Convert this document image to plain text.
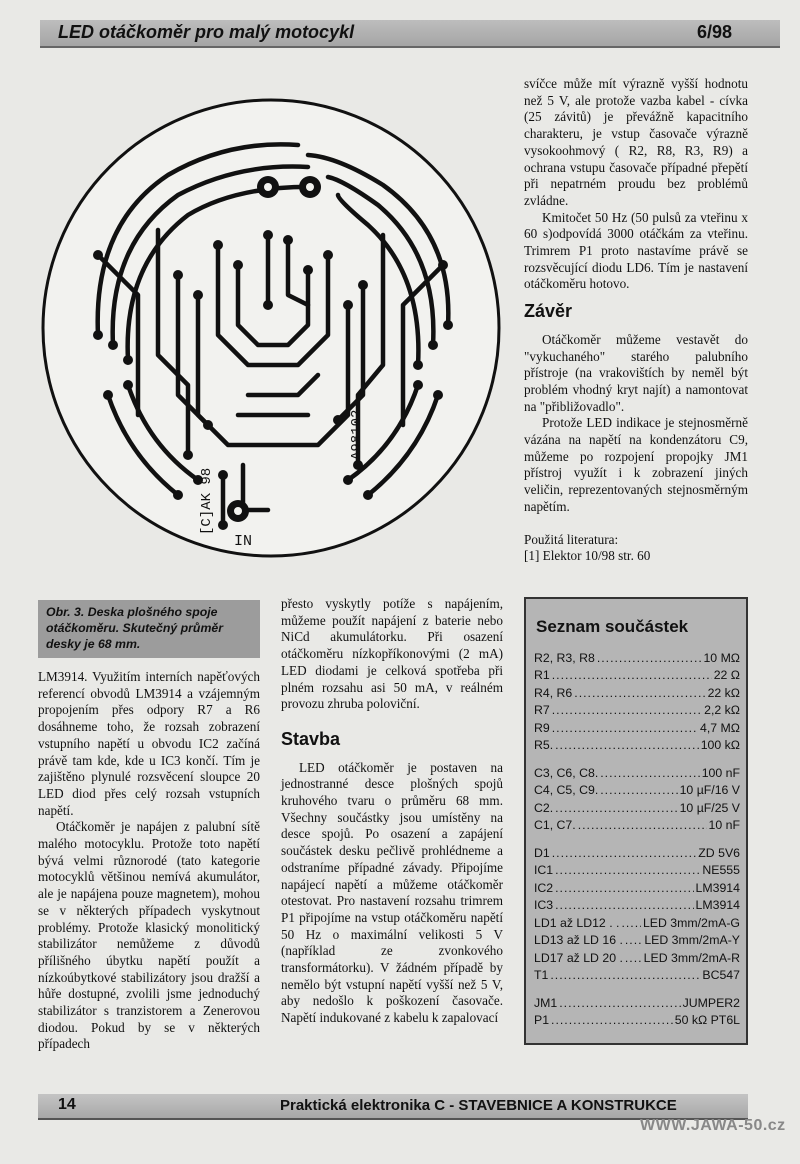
LED otáčkoměr pro malý motocykl	6/98
A98102
[C]AK 98
IN
Obr. 3. Deska plošného spoje otáčkoměru. Skutečný průměr desky je 68 mm.

LM3914. Využitím interních napěťových referencí obvodů LM3914 a vzájemným propojením přes odpory R7 a R6 dosáhneme toho, že rozsah zobrazení vstupního napětí u obvodu IC2 začíná právě tam kde, kde u IC3 končí. Tím je zajištěno plynulé rozsvěcení sloupce 20 LED diod přes celý rozsah vstupních napětí.

Otáčkoměr je napájen z palubní sítě malého motocyklu. Protože toto napětí bývá velmi různorodé (tato kategorie motocyklů většinou nemívá akumulátor, ale je napájena pouze magnetem), mohou se v některých případech vyskytnout problémy. Protože klasický monolitický stabilizátor nemůžeme z důvodů přílišného úbytku napětí použít a nízkoúbytkové stabilizátory jsou dražší a hůře dostupné, zvolili jsme jednoduchý stabilizátor s tranzistorem a Zenerovou diodou. Pokud by se v některých případech

přesto vyskytly potíže s napájením, můžeme použít napájení z baterie nebo NiCd akumulátorku. Při osazení otáčkoměru nízkopříkonovými (2 mA) LED diodami je celková spotřeba při plném rozsahu asi 50 mA, v reálném provozu zhruba poloviční.

Stavba

LED otáčkoměr je postaven na jednostranné desce plošných spojů kruhového tvaru o průměru 68 mm. Všechny součástky jsou umístěny na desce spojů. Po osazení a zapájení součástek desku pečlivě prohlédneme a odstraníme případné závady. Připojíme napájecí napětí a můžeme otáčkoměr otestovat. Pro nastavení rozsahu trimrem P1 připojíme na vstup otáčkoměru napětí 50 Hz o maximální velikosti 5 V (například ze zvonkového transformátorku). V žádném případě by nemělo být vstupní napětí vyšší než 5 V, aby nedošlo k poškození časovače. Napětí indukované z kabelu k zapalovací

svíčce může mít výrazně vyšší hodnotu než 5 V, ale protože vazba kabel - cívka (25 závitů) je převážně kapacitního charakteru, je vstup časovače výrazně vysokoohmový ( R2, R8, R3, R9) a ochrana vstupu časovače případné přepětí při nepatrném proudu bez problémů zvládne.

Kmitočet 50 Hz (50 pulsů za vteřinu x 60 s)odpovídá 3000 otáčkám za vteřinu. Trimrem P1 proto nastavíme právě se rozsvěcující diodu LD6. Tím je nastavení otáčkoměru hotovo.

Závěr

Otáčkoměr můžeme vestavět do "vykuchaného" starého palubního přístroje (na vrakovištích by neměl být problém vhodný kryt najít) a namontovat na "přibližovadlo".

Protože LED indikace je stejnosměrně vázána na napětí na kondenzátoru C9, můžeme po rozpojení propojky JM1 přístroj využít i k zobrazení jiných veličin, reprezentovaných stejnosměrným napětím.

Použitá literatura:

[1] Elektor 10/98 str. 60

Seznam součástek
R2, R3, R8 .....	10 MΩ
R1 .....	22 Ω
R4, R6 .....	22 kΩ
R7 .....	2,2 kΩ
R9 .....	4,7 MΩ
R5. .....	100 kΩ
C3, C6, C8. .....	100 nF
C4, C5, C9. .....	10 µF/16 V
C2. .....	10 µF/25 V
C1, C7. .....	10 nF
D1 .....	ZD 5V6
IC1 .....	NE555
IC2 .....	LM3914
IC3 .....	LM3914
LD1 až LD12 . . ..... LED 3mm/2mA-G
LD13 až LD 16 . ..... LED 3mm/2mA-Y
LD17 až LD 20 . ..... LED 3mm/2mA-R
T1 .....	BC547
JM1 .....	JUMPER2
P1 .....	50 kΩ PT6L
14	Praktická elektronika C - STAVEBNICE A KONSTRUKCE
WWW.JAWA-50.cz
